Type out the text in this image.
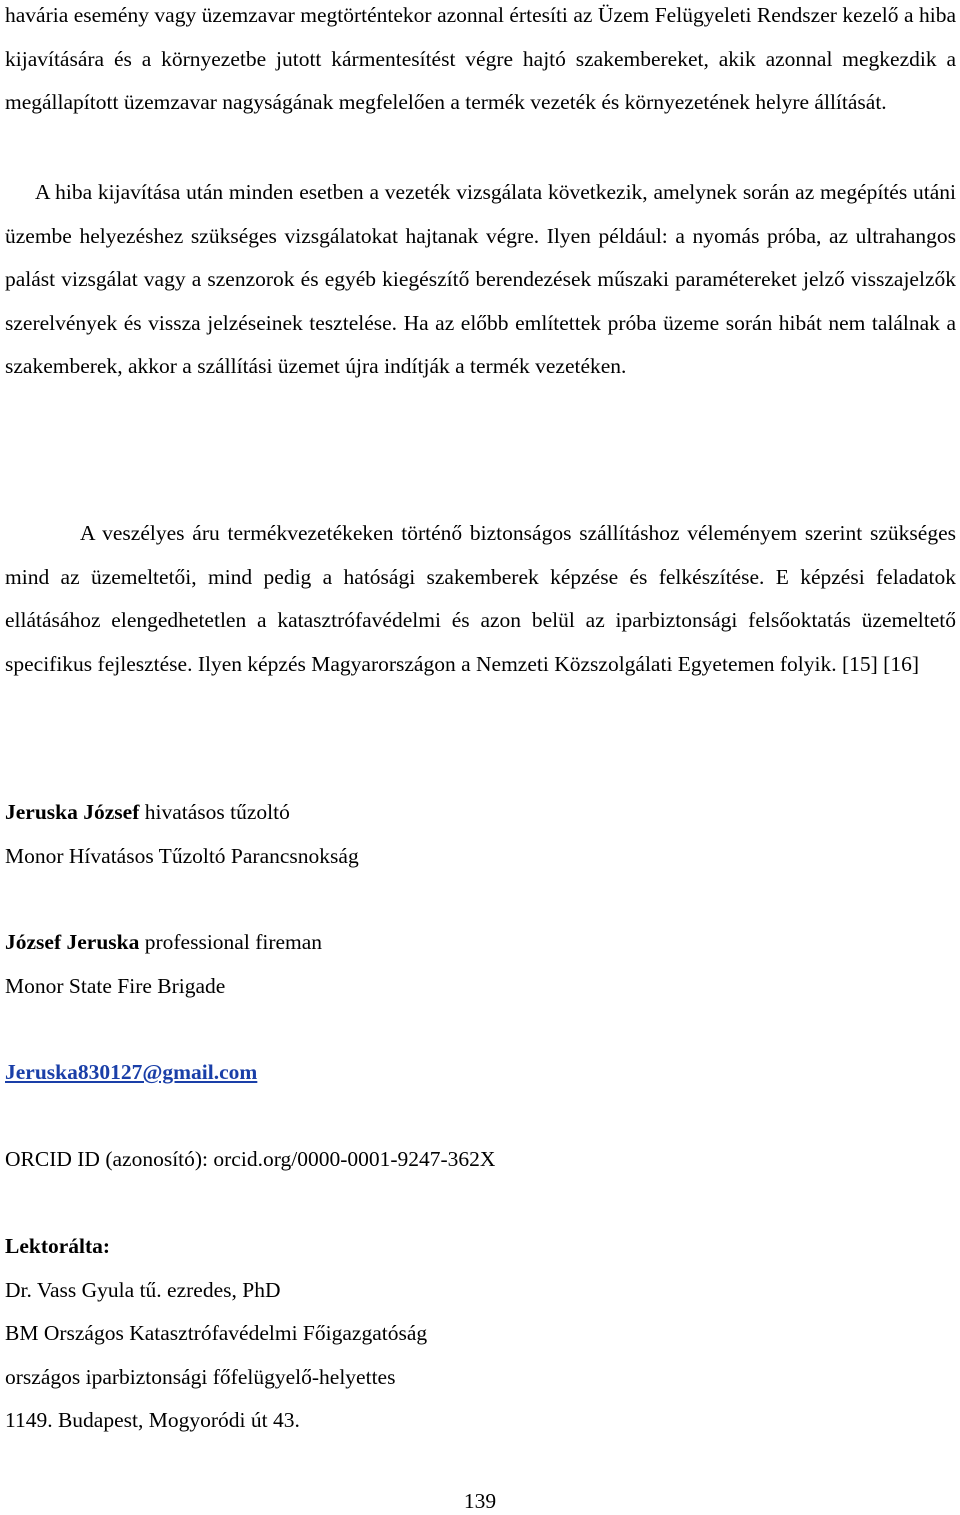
havária esemény vagy üzemzavar megtörténtekor azonnal értesíti az Üzem Felügyeleti Rendszer kezelő a hiba kijavítására és a környezetbe jutott kármentesítést végre hajtó szakembereket, akik azonnal megkezdik a megállapított üzemzavar nagyságának megfelelően a termék vezeték és környezetének helyre állítását.

A hiba kijavítása után minden esetben a vezeték vizsgálata következik, amelynek során az megépítés utáni üzembe helyezéshez szükséges vizsgálatokat hajtanak végre. Ilyen például: a nyomás próba, az ultrahangos palást vizsgálat vagy a szenzorok és egyéb kiegészítő berendezések műszaki paramétereket jelző visszajelzők szerelvények és vissza jelzéseinek tesztelése. Ha az előbb említettek próba üzeme során hibát nem találnak a szakemberek, akkor a szállítási üzemet újra indítják a termék vezetéken.

A veszélyes áru termékvezetékeken történő biztonságos szállításhoz véleményem szerint szükséges mind az üzemeltetői, mind pedig a hatósági szakemberek képzése és felkészítése. E képzési feladatok ellátásához elengedhetetlen a katasztrófavédelmi és azon belül az iparbiztonsági felsőoktatás üzemeltető specifikus fejlesztése. Ilyen képzés Magyarországon a Nemzeti Közszolgálati Egyetemen folyik. [15] [16]

Jeruska József hivatásos tűzoltó

Monor Hívatásos Tűzoltó Parancsnokság

József Jeruska professional fireman

Monor State Fire Brigade

Jeruska830127@gmail.com

ORCID ID (azonosító): orcid.org/0000-0001-9247-362X

Lektorálta:

Dr. Vass Gyula tű. ezredes, PhD

BM Országos Katasztrófavédelmi Főigazgatóság

országos iparbiztonsági főfelügyelő-helyettes

1149. Budapest, Mogyoródi út 43.

139
